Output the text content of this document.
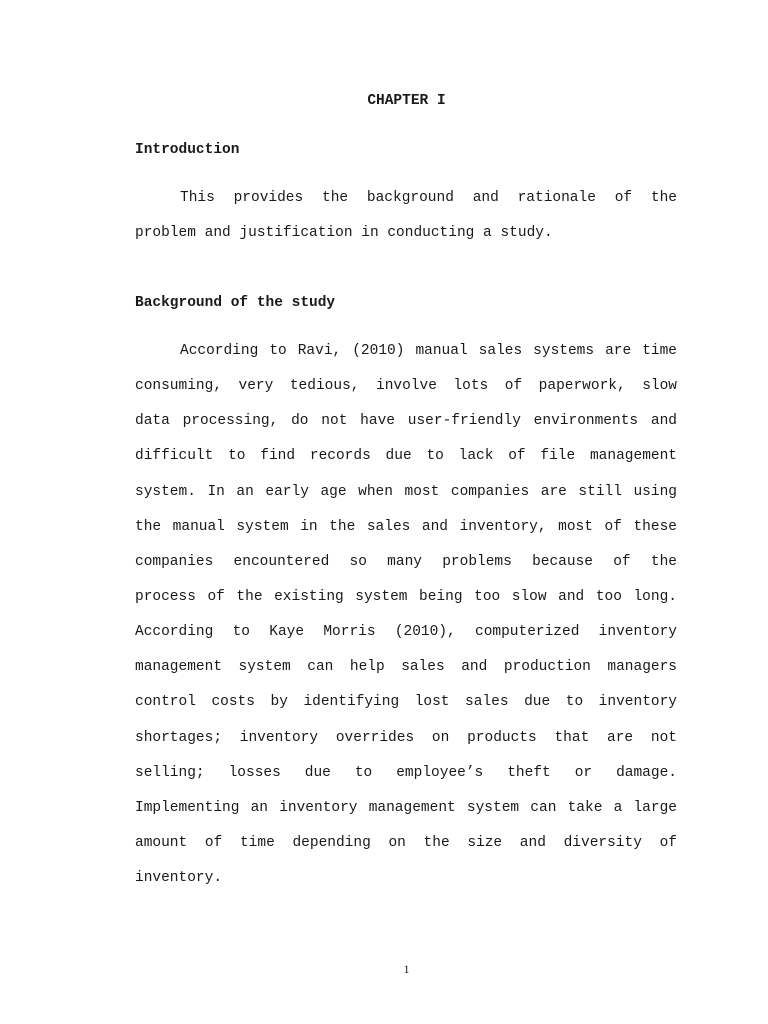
CHAPTER I
Introduction
This provides the background and rationale of the
problem and justification in conducting a study.
Background of the study
According to Ravi, (2010) manual sales systems are time
consuming, very tedious, involve lots of paperwork, slow
data processing, do not have user-friendly environments and
difficult to find records due to lack of file management
system. In an early age when most companies are still using
the manual system in the sales and inventory, most of these
companies encountered so many problems because of the
process of the existing system being too slow and too long.
According to Kaye Morris (2010), computerized inventory
management system can help sales and production managers
control costs by identifying lost sales due to inventory
shortages; inventory overrides on products that are not
selling; losses due to employee’s theft or damage.
Implementing an inventory management system can take a large
amount of time depending on the size and diversity of
inventory.
1
